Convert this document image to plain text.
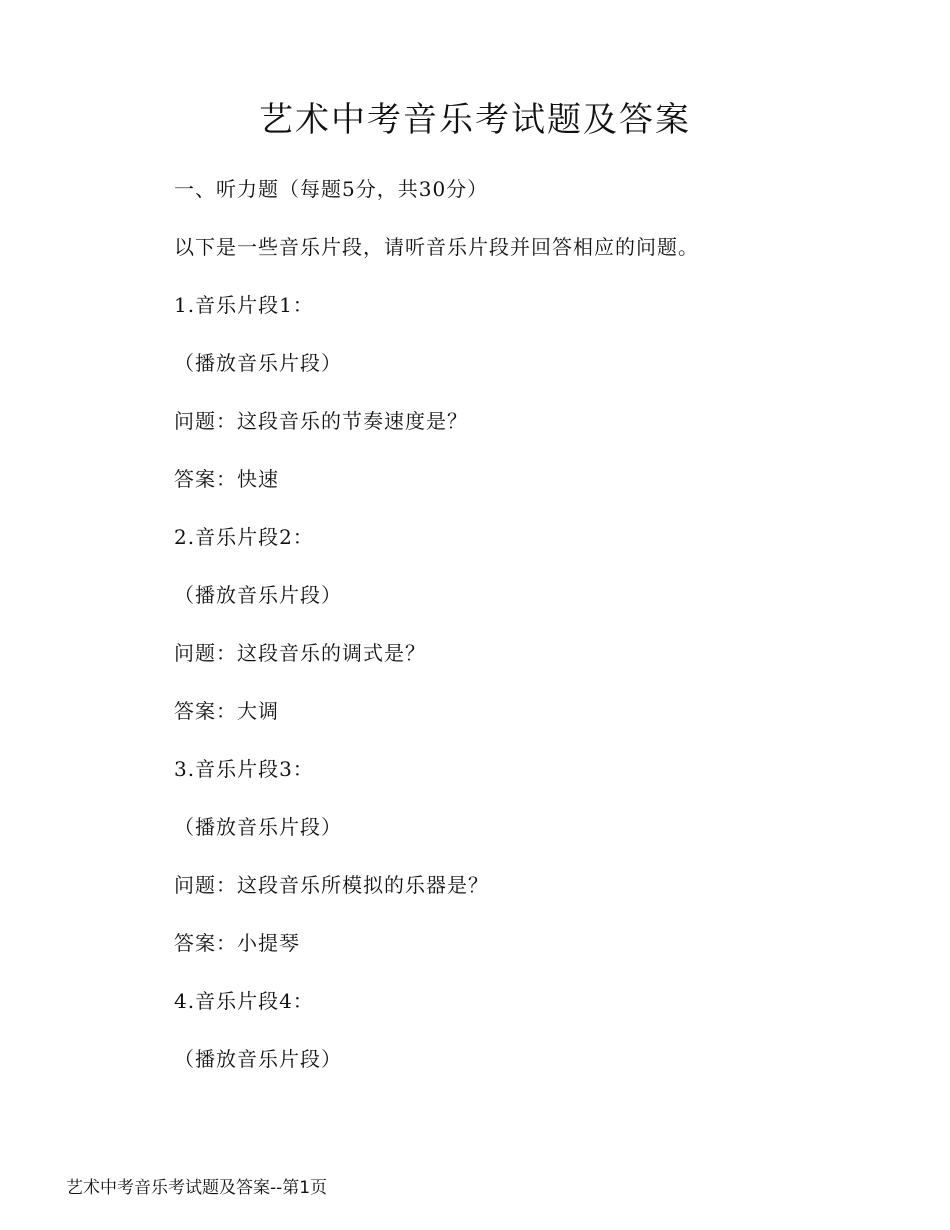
艺术中考音乐考试题及答案
一、听力题（每题5分，共30分）
以下是一些音乐片段，请听音乐片段并回答相应的问题。
1.音乐片段1：
（播放音乐片段）
问题：这段音乐的节奏速度是？
答案：快速
2.音乐片段2：
（播放音乐片段）
问题：这段音乐的调式是？
答案：大调
3.音乐片段3：
（播放音乐片段）
问题：这段音乐所模拟的乐器是？
答案：小提琴
4.音乐片段4：
（播放音乐片段）
艺术中考音乐考试题及答案--第1页
